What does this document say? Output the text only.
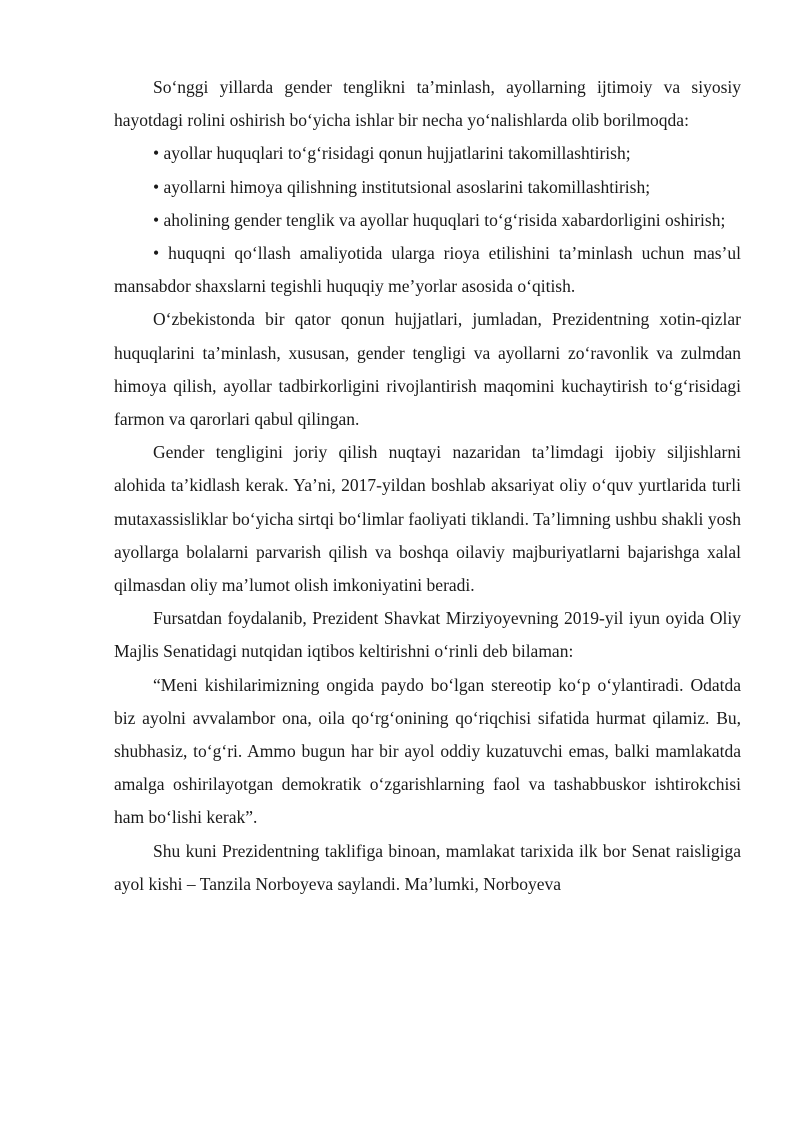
So‘nggi yillarda gender tenglikni ta’minlash, ayollarning ijtimoiy va siyosiy hayotdagi rolini oshirish bo‘yicha ishlar bir necha yo‘nalishlarda olib borilmoqda:

• ayollar huquqlari to‘g‘risidagi qonun hujjatlarini takomillashtirish;

• ayollarni himoya qilishning institutsional asoslarini takomillashtirish;

• aholining gender tenglik va ayollar huquqlari to‘g‘risida xabardorligini oshirish;

• huquqni qo‘llash amaliyotida ularga rioya etilishini ta’minlash uchun mas’ul mansabdor shaxslarni tegishli huquqiy me’yorlar asosida o‘qitish.

O‘zbekistonda bir qator qonun hujjatlari, jumladan, Prezidentning xotin-qizlar huquqlarini ta’minlash, xususan, gender tengligi va ayollarni zo‘ravonlik va zulmdan himoya qilish, ayollar tadbirkorligini rivojlantirish maqomini kuchaytirish to‘g‘risidagi farmon va qarorlari qabul qilingan.

Gender tengligini joriy qilish nuqtayi nazaridan ta’limdagi ijobiy siljishlarni alohida ta’kidlash kerak. Ya’ni, 2017-yildan boshlab aksariyat oliy o‘quv yurtlarida turli mutaxassisliklar bo‘yicha sirtqi bo‘limlar faoliyati tiklandi. Ta’limning ushbu shakli yosh ayollarga bolalarni parvarish qilish va boshqa oilaviy majburiyatlarni bajarishga xalal qilmasdan oliy ma’lumot olish imkoniyatini beradi.

Fursatdan foydalanib, Prezident Shavkat Mirziyoyevning 2019-yil iyun oyida Oliy Majlis Senatidagi nutqidan iqtibos keltirishni o‘rinli deb bilaman:

“Meni kishilarimizning ongida paydo bo‘lgan stereotip ko‘p o‘ylantiradi. Odatda biz ayolni avvalambor ona, oila qo‘rg‘onining qo‘riqchisi sifatida hurmat qilamiz. Bu, shubhasiz, to‘g‘ri. Ammo bugun har bir ayol oddiy kuzatuvchi emas, balki mamlakatda amalga oshirilayotgan demokratik o‘zgarishlarning faol va tashabbuskor ishtirokchisi ham bo‘lishi kerak”.

Shu kuni Prezidentning taklifiga binoan, mamlakat tarixida ilk bor Senat raisligiga ayol kishi – Tanzila Norboyeva saylandi. Ma’lumki, Norboyeva
